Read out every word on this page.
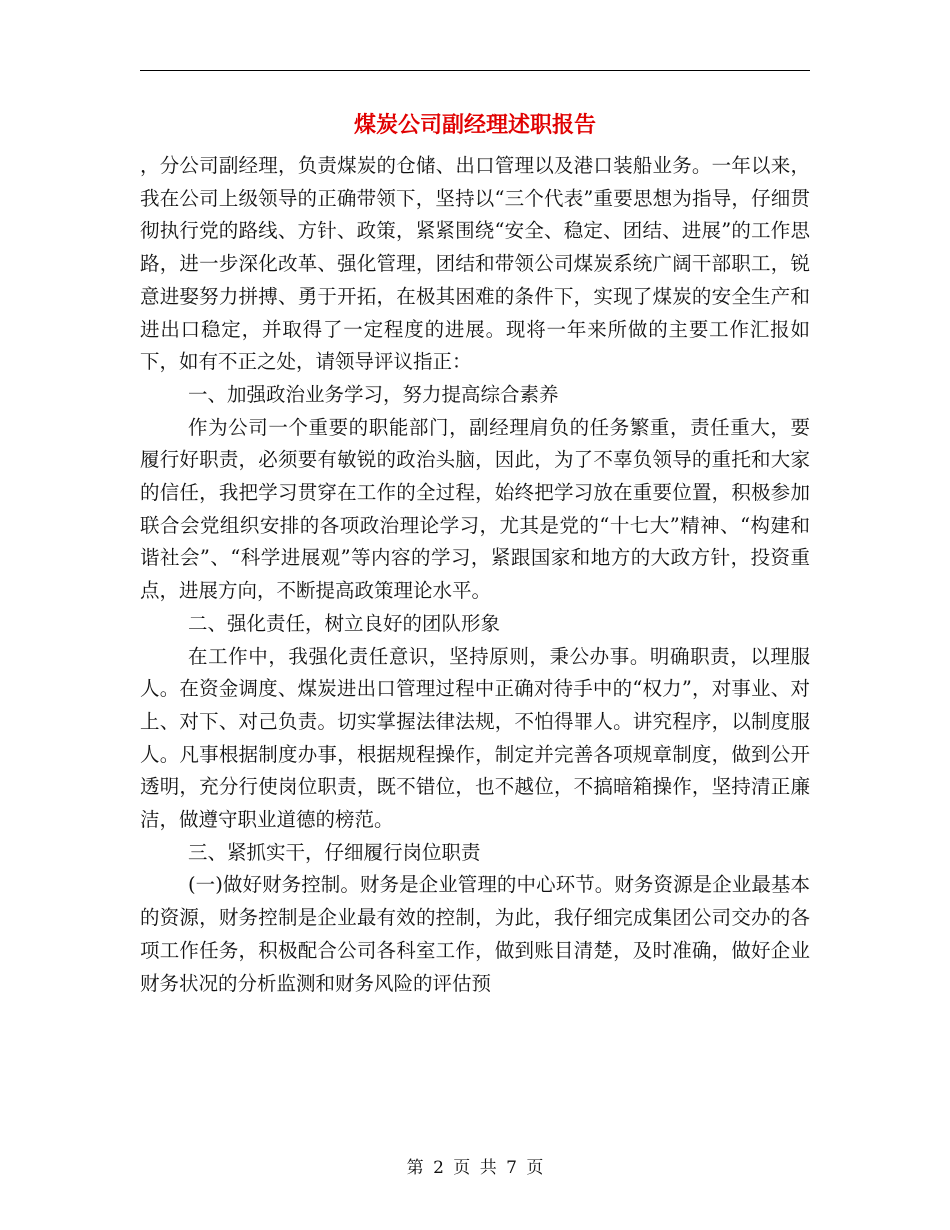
煤炭公司副经理述职报告

，分公司副经理，负责煤炭的仓储、出口管理以及港口装船业务。一年以来，我在公司上级领导的正确带领下，坚持以“三个代表”重要思想为指导，仔细贯彻执行党的路线、方针、政策，紧紧围绕“安全、稳定、团结、进展”的工作思路，进一步深化改革、强化管理，团结和带领公司煤炭系统广阔干部职工，锐意进娶努力拼搏、勇于开拓，在极其困难的条件下，实现了煤炭的安全生产和进出口稳定，并取得了一定程度的进展。现将一年来所做的主要工作汇报如下，如有不正之处，请领导评议指正：

一、加强政治业务学习，努力提高综合素养

作为公司一个重要的职能部门，副经理肩负的任务繁重，责任重大，要履行好职责，必须要有敏锐的政治头脑，因此，为了不辜负领导的重托和大家的信任，我把学习贯穿在工作的全过程，始终把学习放在重要位置，积极参加联合会党组织安排的各项政治理论学习，尤其是党的“十七大”精神、“构建和谐社会”、“科学进展观”等内容的学习，紧跟国家和地方的大政方针，投资重点，进展方向，不断提高政策理论水平。

二、强化责任，树立良好的团队形象

在工作中，我强化责任意识，坚持原则，秉公办事。明确职责，以理服人。在资金调度、煤炭进出口管理过程中正确对待手中的“权力”，对事业、对上、对下、对己负责。切实掌握法律法规，不怕得罪人。讲究程序，以制度服人。凡事根据制度办事，根据规程操作，制定并完善各项规章制度，做到公开透明，充分行使岗位职责，既不错位，也不越位，不搞暗箱操作，坚持清正廉洁，做遵守职业道德的榜范。

三、紧抓实干，仔细履行岗位职责

(一)做好财务控制。财务是企业管理的中心环节。财务资源是企业最基本的资源，财务控制是企业最有效的控制，为此，我仔细完成集团公司交办的各项工作任务，积极配合公司各科室工作，做到账目清楚，及时准确，做好企业财务状况的分析监测和财务风险的评估预

第 2 页 共 7 页
